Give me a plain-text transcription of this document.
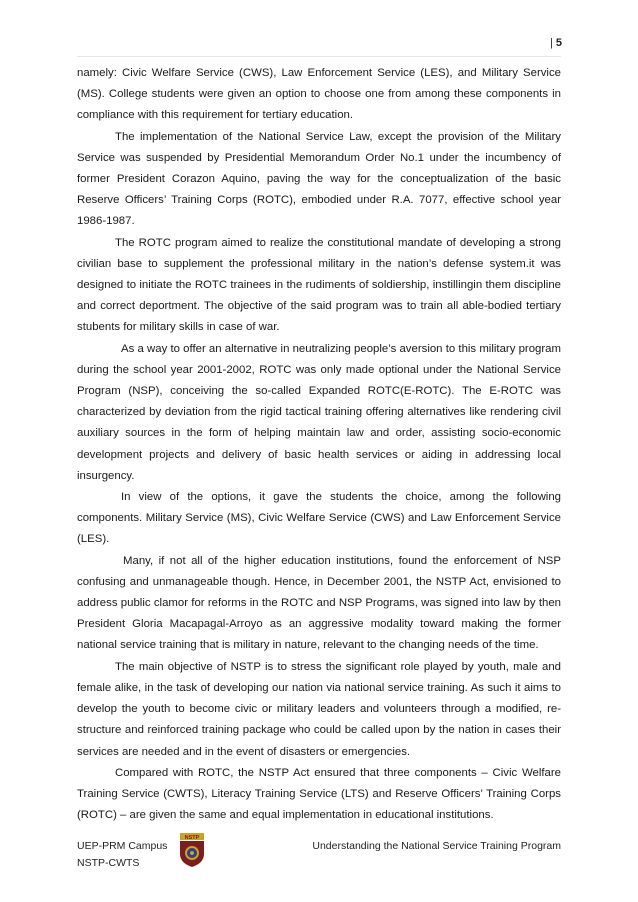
| 5

namely: Civic Welfare Service (CWS), Law Enforcement Service (LES), and Military Service (MS). College students were given an option to choose one from among these components in compliance with this requirement for tertiary education.

The implementation of the National Service Law, except the provision of the Military Service was suspended by Presidential Memorandum Order No.1 under the incumbency of former President Corazon Aquino, paving the way for the conceptualization of the basic Reserve Officers’ Training Corps (ROTC), embodied under R.A. 7077, effective school year 1986-1987.

The ROTC program aimed to realize the constitutional mandate of developing a strong civilian base to supplement the professional military in the nation’s defense system.it was designed to initiate the ROTC trainees in the rudiments of soldiership, instillingin them discipline and correct deportment. The objective of the said program was to train all able-bodied tertiary stubents for military skills in case of war.

As a way to offer an alternative in neutralizing people’s aversion to this military program during the school year 2001-2002, ROTC was only made optional under the National Service Program (NSP), conceiving the so-called Expanded ROTC(E-ROTC). The E-ROTC was characterized by deviation from the rigid tactical training offering alternatives like rendering civil auxiliary sources in the form of helping maintain law and order, assisting socio-economic development projects and delivery of basic health services or aiding in addressing local insurgency.

In view of the options, it gave the students the choice, among the following components. Military Service (MS), Civic Welfare Service (CWS) and Law Enforcement Service (LES).

Many, if not all of the higher education institutions, found the enforcement of NSP confusing and unmanageable though. Hence, in December 2001, the NSTP Act, envisioned to address public clamor for reforms in the ROTC and NSP Programs, was signed into law by then President Gloria Macapagal-Arroyo as an aggressive modality toward making the former national service training that is military in nature, relevant to the changing needs of the time.

The main objective of NSTP is to stress the significant role played by youth, male and female alike, in the task of developing our nation via national service training. As such it aims to develop the youth to become civic or military leaders and volunteers through a modified, re-structure and reinforced training package who could be called upon by the nation in cases their services are needed and in the event of disasters or emergencies.

Compared with ROTC, the NSTP Act ensured that three components – Civic Welfare Training Service (CWTS), Literacy Training Service (LTS) and Reserve Officers’ Training Corps (ROTC) – are given the same and equal implementation in educational institutions.

UEP-PRM Campus
NSTP-CWTS
NSTP
Understanding the National Service Training Program
